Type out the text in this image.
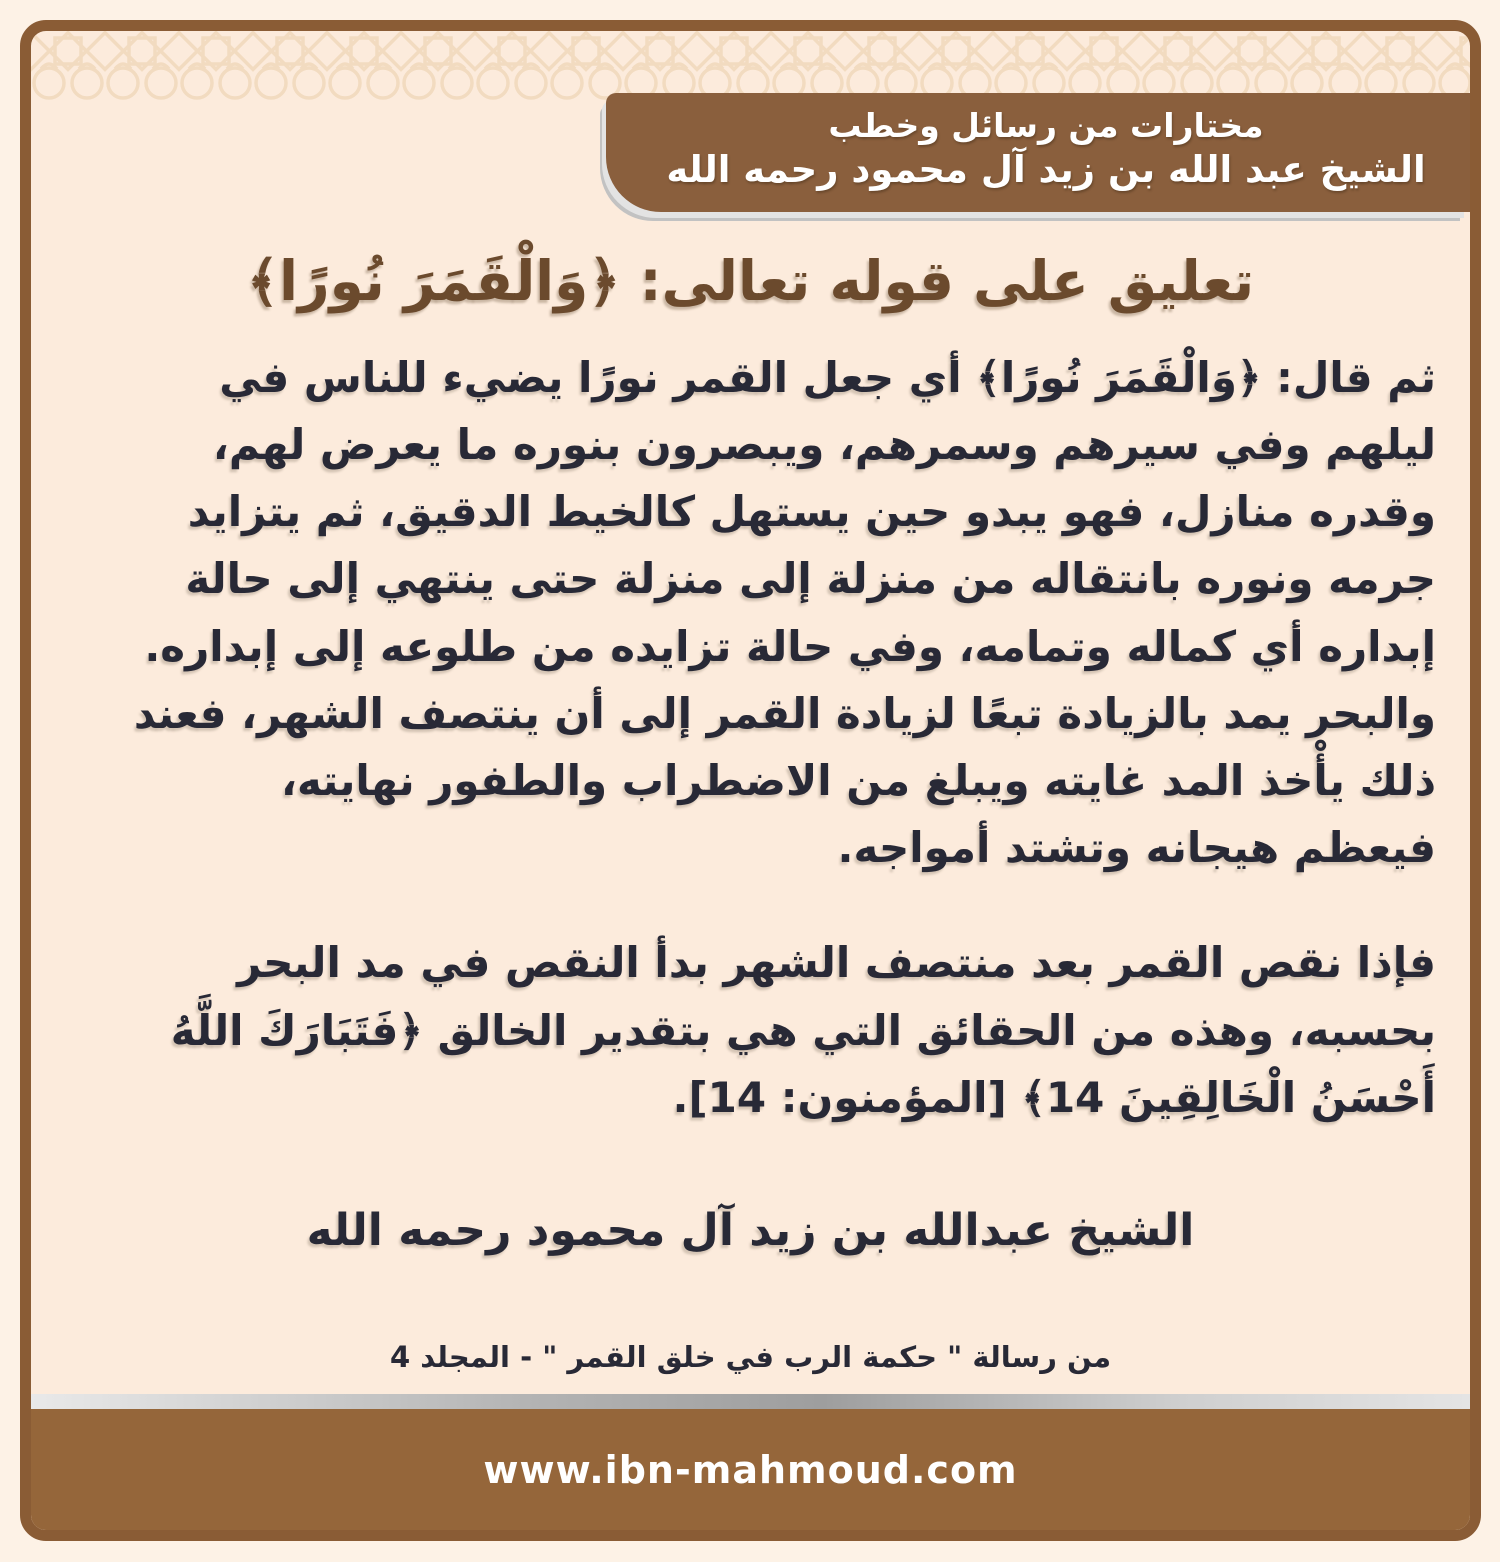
مختارات من رسائل وخطب
الشيخ عبد الله بن زيد آل محمود رحمه الله
تعليق على قوله تعالى: ﴿وَالْقَمَرَ نُورًا﴾

ثم قال: ﴿وَالْقَمَرَ نُورًا﴾ أي جعل القمر نورًا يضيء للناس في ليلهم وفي سيرهم وسمرهم، ويبصرون بنوره ما يعرض لهم، وقدره منازل، فهو يبدو حين يستهل كالخيط الدقيق، ثم يتزايد جرمه ونوره بانتقاله من منزلة إلى منزلة حتى ينتهي إلى حالة إبداره أي كماله وتمامه، وفي حالة تزايده من طلوعه إلى إبداره. والبحر يمد بالزيادة تبعًا لزيادة القمر إلى أن ينتصف الشهر، فعند ذلك يأْخذ المد غايته ويبلغ من الاضطراب والطفور نهايته، فيعظم هيجانه وتشتد أمواجه.

فإذا نقص القمر بعد منتصف الشهر بدأ النقص في مد البحر بحسبه، وهذه من الحقائق التي هي بتقدير الخالق ﴿فَتَبَارَكَ اللَّهُ أَحْسَنُ الْخَالِقِينَ 14﴾ [المؤمنون: 14].

الشيخ عبدالله بن زيد آل محمود رحمه الله
من رسالة " حكمة الرب في خلق القمر " - المجلد 4
www.ibn-mahmoud.com
